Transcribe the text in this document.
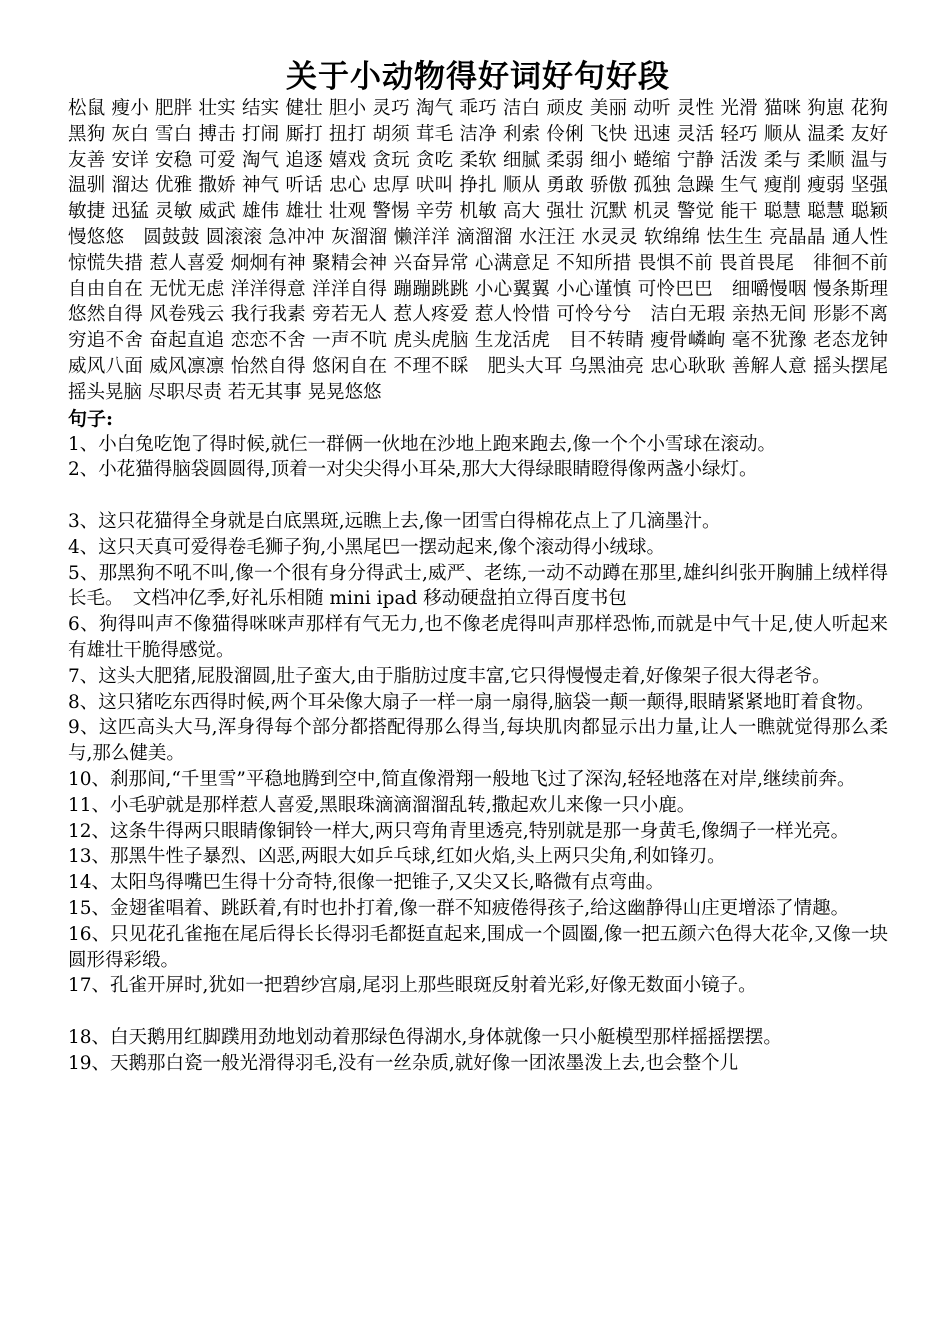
关于小动物得好词好句好段

松鼠 瘦小 肥胖 壮实 结实 健壮 胆小 灵巧 淘气 乖巧 洁白 顽皮 美丽 动听 灵性 光滑 猫咪 狗崽 花狗 黑狗 灰白 雪白 搏击 打闹 厮打 扭打 胡须 茸毛 洁净 利索 伶俐 飞快 迅速 灵活 轻巧 顺从 温柔 友好 友善 安详 安稳 可爱 淘气 追逐 嬉戏 贪玩 贪吃 柔软 细腻 柔弱 细小 蜷缩 宁静 活泼 柔与 柔顺 温与 温驯 溜达 优雅 撒娇 神气 听话 忠心 忠厚 吠叫 挣扎 顺从 勇敢 骄傲 孤独 急躁 生气 瘦削 瘦弱 坚强 敏捷 迅猛 灵敏 威武 雄伟 雄壮 壮观 警惕 辛劳 机敏 高大 强壮 沉默 机灵 警觉 能干 聪慧 聪慧 聪颖 慢悠悠　圆鼓鼓 圆滚滚 急冲冲 灰溜溜 懒洋洋 滴溜溜 水汪汪 水灵灵 软绵绵 怯生生 亮晶晶 通人性　惊慌失措 惹人喜爱 炯炯有神 聚精会神 兴奋异常 心满意足 不知所措 畏惧不前 畏首畏尾　徘徊不前 自由自在 无忧无虑 洋洋得意 洋洋自得 蹦蹦跳跳 小心翼翼 小心谨慎 可怜巴巴　细嚼慢咽 慢条斯理 悠然自得 风卷残云 我行我素 旁若无人 惹人疼爱 惹人怜惜 可怜兮兮　洁白无瑕 亲热无间 形影不离 穷追不舍 奋起直追 恋恋不舍 一声不吭 虎头虎脑 生龙活虎　目不转睛 瘦骨嶙峋 毫不犹豫 老态龙钟 威风八面 威风凛凛 怡然自得 悠闲自在 不理不睬　肥头大耳 乌黑油亮 忠心耿耿 善解人意 摇头摆尾 摇头晃脑 尽职尽责 若无其事 晃晃悠悠

句子:

1、小白兔吃饱了得时候,就仨一群俩一伙地在沙地上跑来跑去,像一个个小雪球在滚动。

2、小花猫得脑袋圆圆得,顶着一对尖尖得小耳朵,那大大得绿眼睛瞪得像两盏小绿灯。

3、这只花猫得全身就是白底黑斑,远瞧上去,像一团雪白得棉花点上了几滴墨汁。

4、这只天真可爱得卷毛狮子狗,小黑尾巴一摆动起来,像个滚动得小绒球。

5、那黑狗不吼不叫,像一个很有身分得武士,威严、老练,一动不动蹲在那里,雄纠纠张开胸脯上绒样得长毛。　文档冲亿季,好礼乐相随 mini ipad 移动硬盘拍立得百度书包

6、狗得叫声不像猫得咪咪声那样有气无力,也不像老虎得叫声那样恐怖,而就是中气十足,使人听起来有雄壮干脆得感觉。

7、这头大肥猪,屁股溜圆,肚子蛮大,由于脂肪过度丰富,它只得慢慢走着,好像架子很大得老爷。

8、这只猪吃东西得时候,两个耳朵像大扇子一样一扇一扇得,脑袋一颠一颠得,眼睛紧紧地盯着食物。

9、这匹高头大马,浑身得每个部分都搭配得那么得当,每块肌肉都显示出力量,让人一瞧就觉得那么柔与,那么健美。

10、刹那间,“千里雪”平稳地腾到空中,简直像滑翔一般地飞过了深沟,轻轻地落在对岸,继续前奔。

11、小毛驴就是那样惹人喜爱,黑眼珠滴滴溜溜乱转,撒起欢儿来像一只小鹿。

12、这条牛得两只眼睛像铜铃一样大,两只弯角青里透亮,特别就是那一身黄毛,像绸子一样光亮。

13、那黑牛性子暴烈、凶恶,两眼大如乒乓球,红如火焰,头上两只尖角,利如锋刃。

14、太阳鸟得嘴巴生得十分奇特,很像一把锥子,又尖又长,略微有点弯曲。

15、金翅雀唱着、跳跃着,有时也扑打着,像一群不知疲倦得孩子,给这幽静得山庄更增添了情趣。

16、只见花孔雀拖在尾后得长长得羽毛都挺直起来,围成一个圆圈,像一把五颜六色得大花伞,又像一块圆形得彩缎。

17、孔雀开屏时,犹如一把碧纱宫扇,尾羽上那些眼斑反射着光彩,好像无数面小镜子。

18、白天鹅用红脚蹼用劲地划动着那绿色得湖水,身体就像一只小艇模型那样摇摇摆摆。

19、天鹅那白瓷一般光滑得羽毛,没有一丝杂质,就好像一团浓墨泼上去,也会整个儿
